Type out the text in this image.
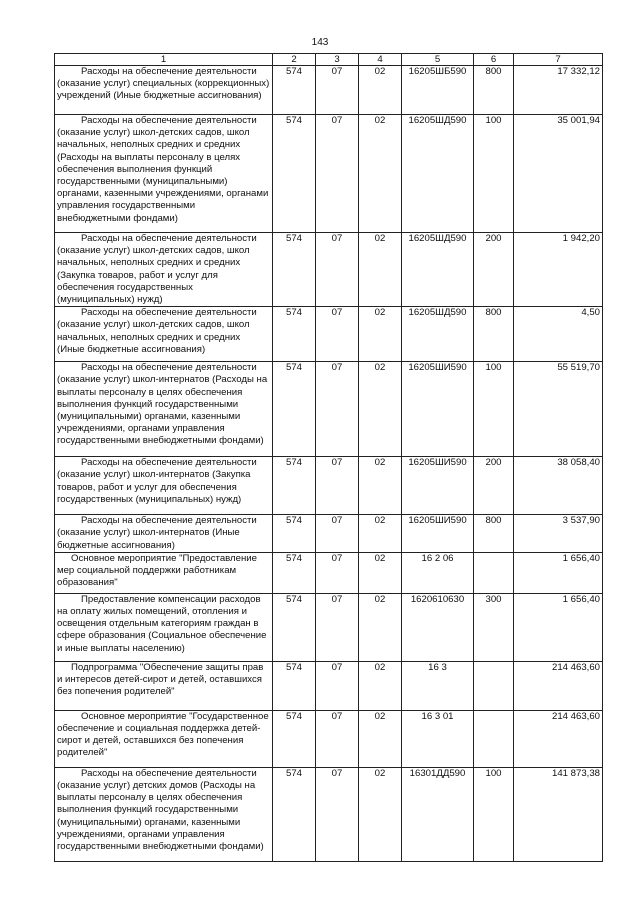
143
1	2	3	4	5	6	7

Расходы на обеспечение деятельности (оказание услуг) специальных (коррекционных) учреждений (Иные бюджетные ассигнования)	574	07	02	16205ШБ590	800	17 332,12

Расходы на обеспечение деятельности (оказание услуг) школ-детских садов, школ начальных, неполных средних и средних (Расходы на выплаты персоналу в целях обеспечения выполнения функций государственными (муниципальными) органами, казенными учреждениями, органами управления государственными внебюджетными фондами)	574	07	02	16205ШД590	100	35 001,94

Расходы на обеспечение деятельности (оказание услуг) школ-детских садов, школ начальных, неполных средних и средних (Закупка товаров, работ и услуг для обеспечения государственных (муниципальных) нужд)	574	07	02	16205ШД590	200	1 942,20

Расходы на обеспечение деятельности (оказание услуг) школ-детских садов, школ начальных, неполных средних и средних (Иные бюджетные ассигнования)	574	07	02	16205ШД590	800	4,50

Расходы на обеспечение деятельности (оказание услуг) школ-интернатов (Расходы на выплаты персоналу в целях обеспечения выполнения функций государственными (муниципальными) органами, казенными учреждениями, органами управления государственными внебюджетными фондами)	574	07	02	16205ШИ590	100	55 519,70

Расходы на обеспечение деятельности (оказание услуг) школ-интернатов (Закупка товаров, работ и услуг для обеспечения государственных (муниципальных) нужд)	574	07	02	16205ШИ590	200	38 058,40

Расходы на обеспечение деятельности (оказание услуг) школ-интернатов (Иные бюджетные ассигнования)	574	07	02	16205ШИ590	800	3 537,90

Основное мероприятие "Предоставление мер социальной поддержки работникам образования"	574	07	02	16 2 06		1 656,40

Предоставление компенсации расходов на оплату жилых помещений, отопления и освещения отдельным категориям граждан в сфере образования (Социальное обеспечение и иные выплаты населению)	574	07	02	1620610630	300	1 656,40

Подпрограмма "Обеспечение защиты прав и интересов детей-сирот и детей, оставшихся без попечения родителей"	574	07	02	16 3		214 463,60

Основное мероприятие "Государственное обеспечение и социальная поддержка детей-сирот и детей, оставшихся без попечения родителей"	574	07	02	16 3 01		214 463,60

Расходы на обеспечение деятельности (оказание услуг) детских домов (Расходы на выплаты персоналу в целях обеспечения выполнения функций государственными (муниципальными) органами, казенными учреждениями, органами управления государственными внебюджетными фондами)	574	07	02	16301ДД590	100	141 873,38
